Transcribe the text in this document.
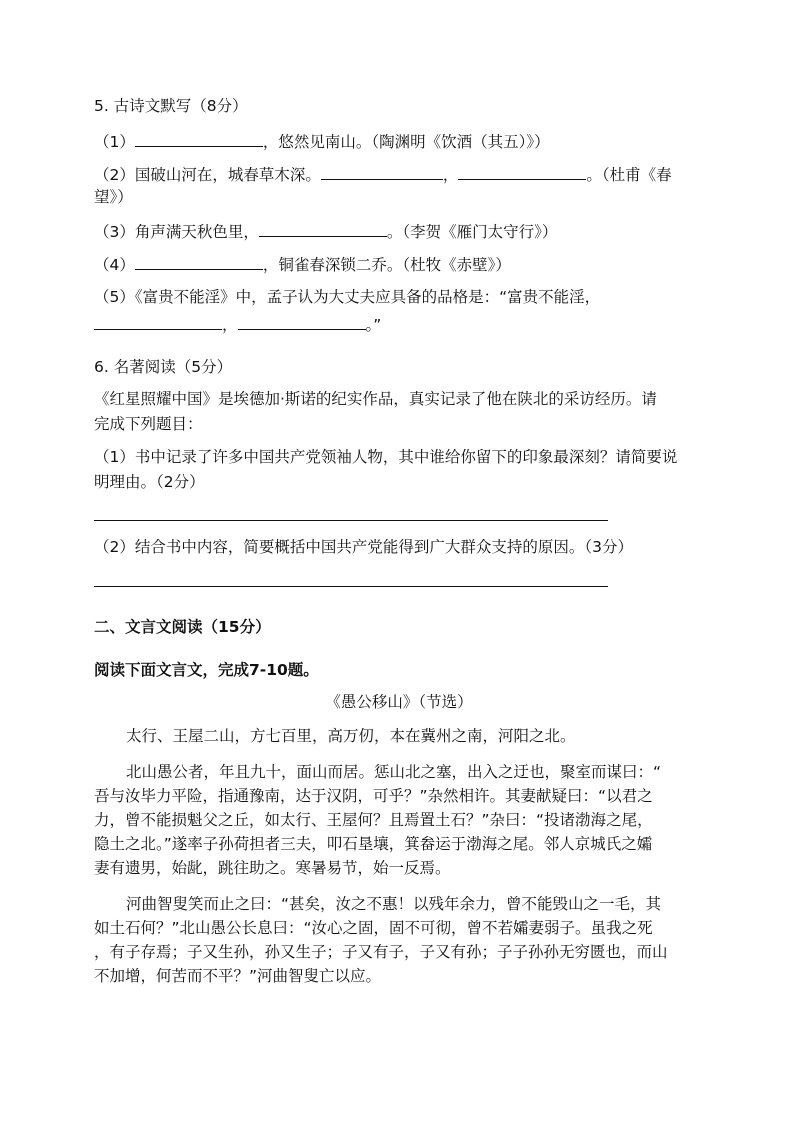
5. 古诗文默写（8分）
（1）	，悠然见南山。（陶渊明《饮酒（其五）》）
（2）国破山河在，城春草木深。	，	。（杜甫《春
望》）
（3）角声满天秋色里，	。（李贺《雁门太守行》）
（4）	，铜雀春深锁二乔。（杜牧《赤壁》）
（5）《富贵不能淫》中，孟子认为大丈夫应具备的品格是：“富贵不能淫，
，	。”
6. 名著阅读（5分）
《红星照耀中国》是埃德加·斯诺的纪实作品，真实记录了他在陕北的采访经历。请
完成下列题目：
（1）书中记录了许多中国共产党领袖人物，其中谁给你留下的印象最深刻？请简要说
明理由。（2分）
（2）结合书中内容，简要概括中国共产党能得到广大群众支持的原因。（3分）
二、文言文阅读（15分）
阅读下面文言文，完成7-10题。
《愚公移山》（节选）
太行、王屋二山，方七百里，高万仞，本在冀州之南，河阳之北。
北山愚公者，年且九十，面山而居。惩山北之塞，出入之迂也，聚室而谋曰：“
吾与汝毕力平险，指通豫南，达于汉阴，可乎？”杂然相许。其妻献疑曰：“以君之
力，曾不能损魁父之丘，如太行、王屋何？且焉置土石？”杂曰：“投诸渤海之尾，
隐土之北。”遂率子孙荷担者三夫，叩石垦壤，箕畚运于渤海之尾。邻人京城氏之孀
妻有遗男，始龀，跳往助之。寒暑易节，始一反焉。
河曲智叟笑而止之曰：“甚矣，汝之不惠！以残年余力，曾不能毁山之一毛，其
如土石何？”北山愚公长息曰：“汝心之固，固不可彻，曾不若孀妻弱子。虽我之死
，有子存焉；子又生孙，孙又生子；子又有子，子又有孙；子子孙孙无穷匮也，而山
不加增，何苦而不平？”河曲智叟亡以应。
